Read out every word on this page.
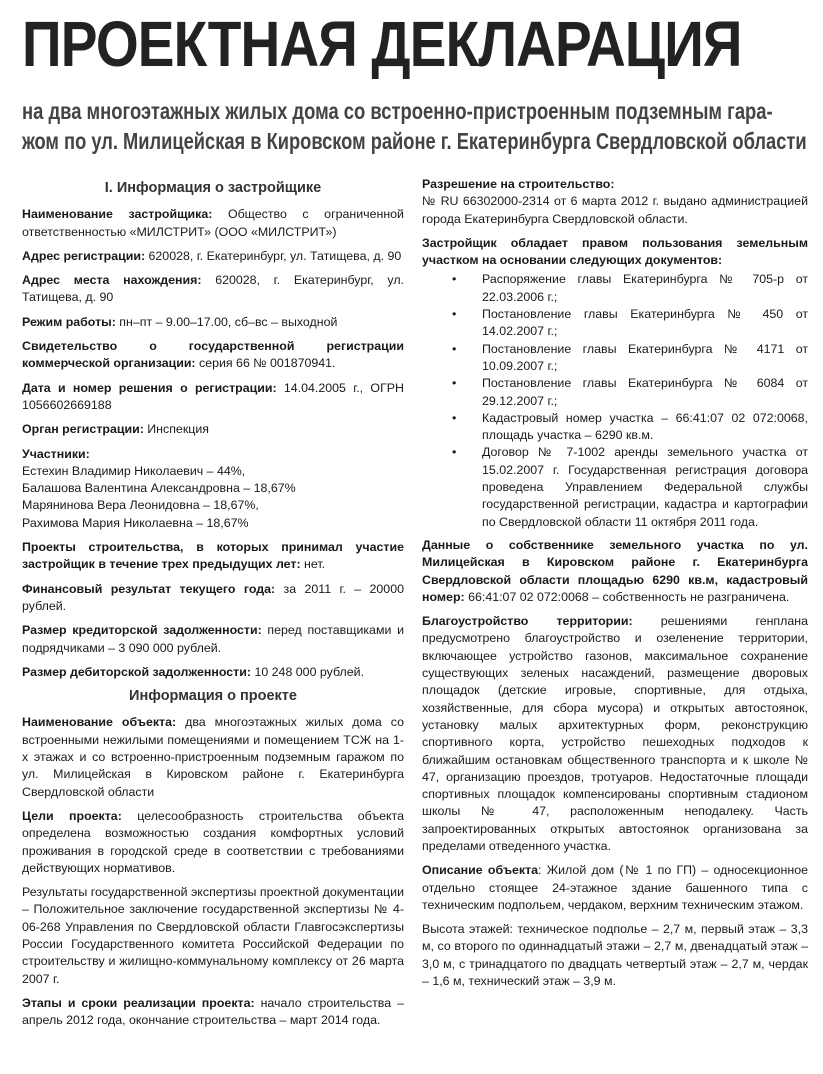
ПРОЕКТНАЯ ДЕКЛАРАЦИЯ
на два многоэтажных жилых дома со встроенно-пристроенным подземным гара-
жом по ул. Милицейская в Кировском районе г. Екатеринбурга Свердловской области
I. Информация о застройщике

Наименование застройщика: Общество с ограниченной ответственностью «МИЛСТРИТ» (ООО «МИЛСТРИТ»)

Адрес регистрации: 620028, г. Екатеринбург, ул. Татищева, д. 90

Адрес места нахождения: 620028, г. Екатеринбург, ул. Татищева, д. 90

Режим работы: пн–пт – 9.00–17.00, сб–вс – выходной

Свидетельство о государственной регистрации коммерческой организации: серия 66 № 001870941.

Дата и номер решения о регистрации: 14.04.2005 г., ОГРН 1056602669188

Орган регистрации: Инспекция

Участники:
Естехин Владимир Николаевич – 44%,
Балашова Валентина Александровна – 18,67%
Марянинова Вера Леонидовна – 18,67%,
Рахимова Мария Николаевна – 18,67%

Проекты строительства, в которых принимал участие застройщик в течение трех предыдущих лет: нет.

Финансовый результат текущего года: за 2011 г. – 20000 рублей.

Размер кредиторской задолженности: перед поставщиками и подрядчиками – 3 090 000 рублей.

Размер дебиторской задолженности: 10 248 000 рублей.

Информация о проекте

Наименование объекта: два многоэтажных жилых дома со встроенными нежилыми помещениями и помещением ТСЖ на 1-х этажах и со встроенно-пристроенным подземным гаражом по ул. Милицейская в Кировском районе г. Екатеринбурга Свердловской области

Цели проекта: целесообразность строительства объекта определена возможностью создания комфортных условий проживания в городской среде в соответствии с требованиями действующих нормативов.

Результаты государственной экспертизы проектной документации – Положительное заключение государственной экспертизы № 4-06-268 Управления по Свердловской области Главгосэкспертизы России Государственного комитета Российской Федерации по строительству и жилищно-коммунальному комплексу от 26 марта 2007 г.

Этапы и сроки реализации проекта: начало строительства – апрель 2012 года, окончание строительства – март 2014 года.

Разрешение на строительство:
№ RU 66302000-2314 от 6 марта 2012 г. выдано администрацией города Екатеринбурга Свердловской области.

Застройщик обладает правом пользования земельным участком на основании следующих документов:

• Распоряжение главы Екатеринбурга № 705-р от 22.03.2006 г.;
• Постановление главы Екатеринбурга № 450 от 14.02.2007 г.;
• Постановление главы Екатеринбурга № 4171 от 10.09.2007 г.;
• Постановление главы Екатеринбурга № 6084 от 29.12.2007 г.;
• Кадастровый номер участка – 66:41:07 02 072:0068, площадь участка – 6290 кв.м.
• Договор № 7-1002 аренды земельного участка от 15.02.2007 г. Государственная регистрация договора проведена Управлением Федеральной службы государственной регистрации, кадастра и картографии по Свердловской области 11 октября 2011 года.

Данные о собственнике земельного участка по ул. Милицейская в Кировском районе г. Екатеринбурга Свердловской области площадью 6290 кв.м, кадастровый номер: 66:41:07 02 072:0068 – собственность не разграничена.

Благоустройство территории: решениями генплана предусмотрено благоустройство и озеленение территории, включающее устройство газонов, максимальное сохранение существующих зеленых насаждений, размещение дворовых площадок (детские игровые, спортивные, для отдыха, хозяйственные, для сбора мусора) и открытых автостоянок, установку малых архитектурных форм, реконструкцию спортивного корта, устройство пешеходных подходов к ближайшим остановкам общественного транспорта и к школе № 47, организацию проездов, тротуаров. Недостаточные площади спортивных площадок компенсированы спортивным стадионом школы № 47, расположенным неподалеку. Часть запроектированных открытых автостоянок организована за пределами отведенного участка.

Описание объекта: Жилой дом (№ 1 по ГП) – односекционное отдельно стоящее 24-этажное здание башенного типа с техническим подпольем, чердаком, верхним техническим этажом.

Высота этажей: техническое подполье – 2,7 м, первый этаж – 3,3 м, со второго по одиннадцатый этажи – 2,7 м, двенадцатый этаж – 3,0 м, с тринадцатого по двадцать четвертый этаж – 2,7 м, чердак – 1,6 м, технический этаж – 3,9 м.
